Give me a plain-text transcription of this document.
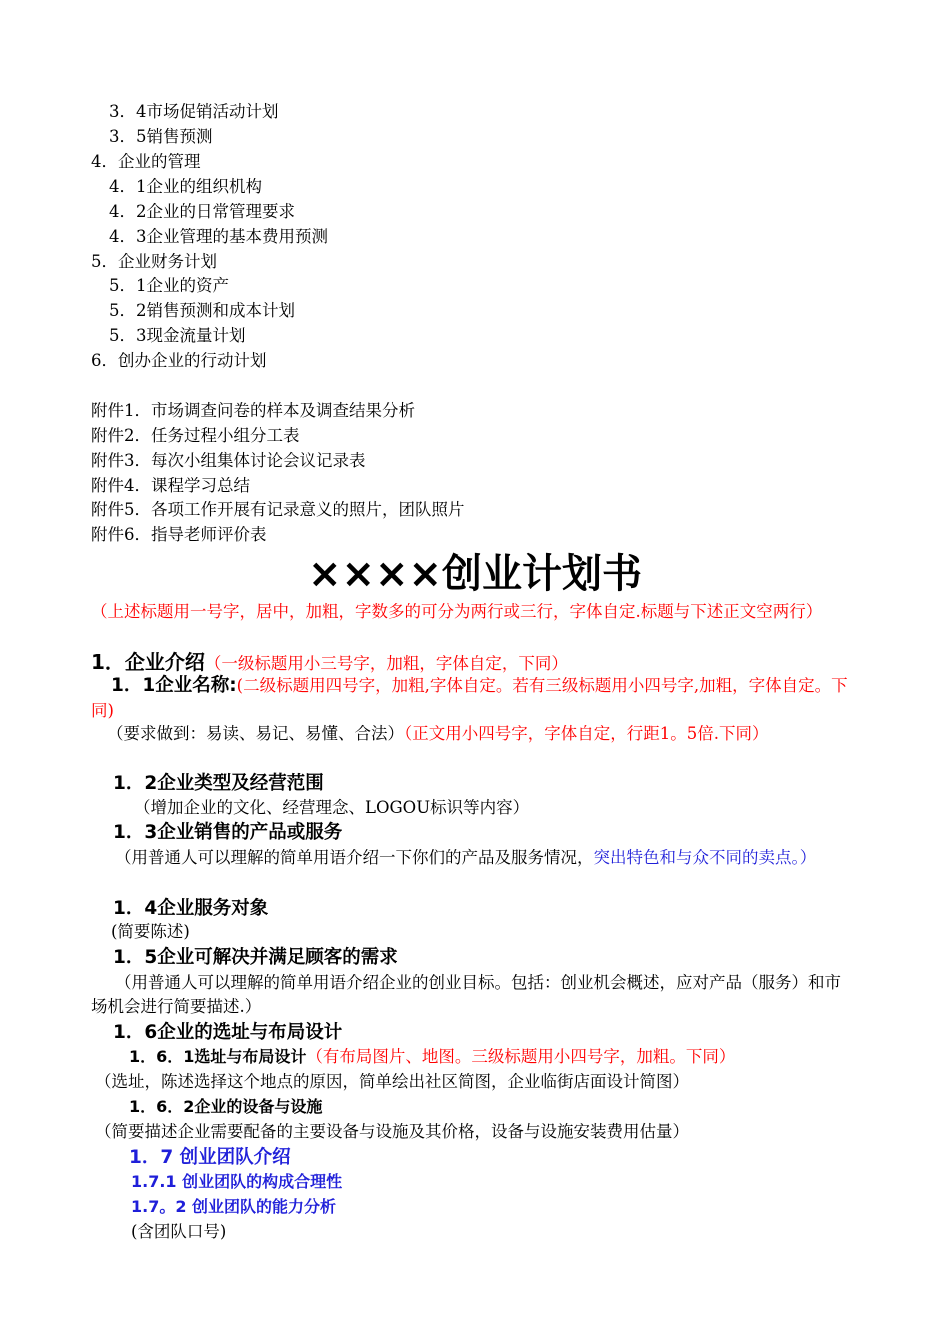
3．4市场促销活动计划
3．5销售预测
4．企业的管理
4．1企业的组织机构
4．2企业的日常管理要求
4．3企业管理的基本费用预测
5．企业财务计划
5．1企业的资产
5．2销售预测和成本计划
5．3现金流量计划
6．创办企业的行动计划
附件1．市场调查问卷的样本及调查结果分析
附件2．任务过程小组分工表
附件3．每次小组集体讨论会议记录表
附件4．课程学习总结
附件5．各项工作开展有记录意义的照片，团队照片
附件6．指导老师评价表
××××创业计划书
（上述标题用一号字，居中，加粗，字数多的可分为两行或三行，字体自定.标题与下述正文空两行）
1．企业介绍（一级标题用小三号字，加粗，字体自定，下同）
1．1企业名称:(二级标题用四号字，加粗,字体自定。若有三级标题用小四号字,加粗，字体自定。下同)
（要求做到：易读、易记、易懂、合法）（正文用小四号字，字体自定，行距1。5倍.下同）
1．2企业类型及经营范围
（增加企业的文化、经营理念、LOGOU标识等内容）
1．3企业销售的产品或服务
（用普通人可以理解的简单用语介绍一下你们的产品及服务情况，突出特色和与众不同的卖点。）
1．4企业服务对象
(简要陈述)
1．5企业可解决并满足顾客的需求
（用普通人可以理解的简单用语介绍企业的创业目标。包括：创业机会概述，应对产品（服务）和市场机会进行简要描述.）
1．6企业的选址与布局设计
1．6．1选址与布局设计（有布局图片、地图。三级标题用小四号字，加粗。下同）
（选址，陈述选择这个地点的原因，简单绘出社区简图，企业临街店面设计简图）
1．6．2企业的设备与设施
（简要描述企业需要配备的主要设备与设施及其价格，设备与设施安装费用估量）
1．7 创业团队介绍
1.7.1 创业团队的构成合理性
1.7。2 创业团队的能力分析
(含团队口号)
